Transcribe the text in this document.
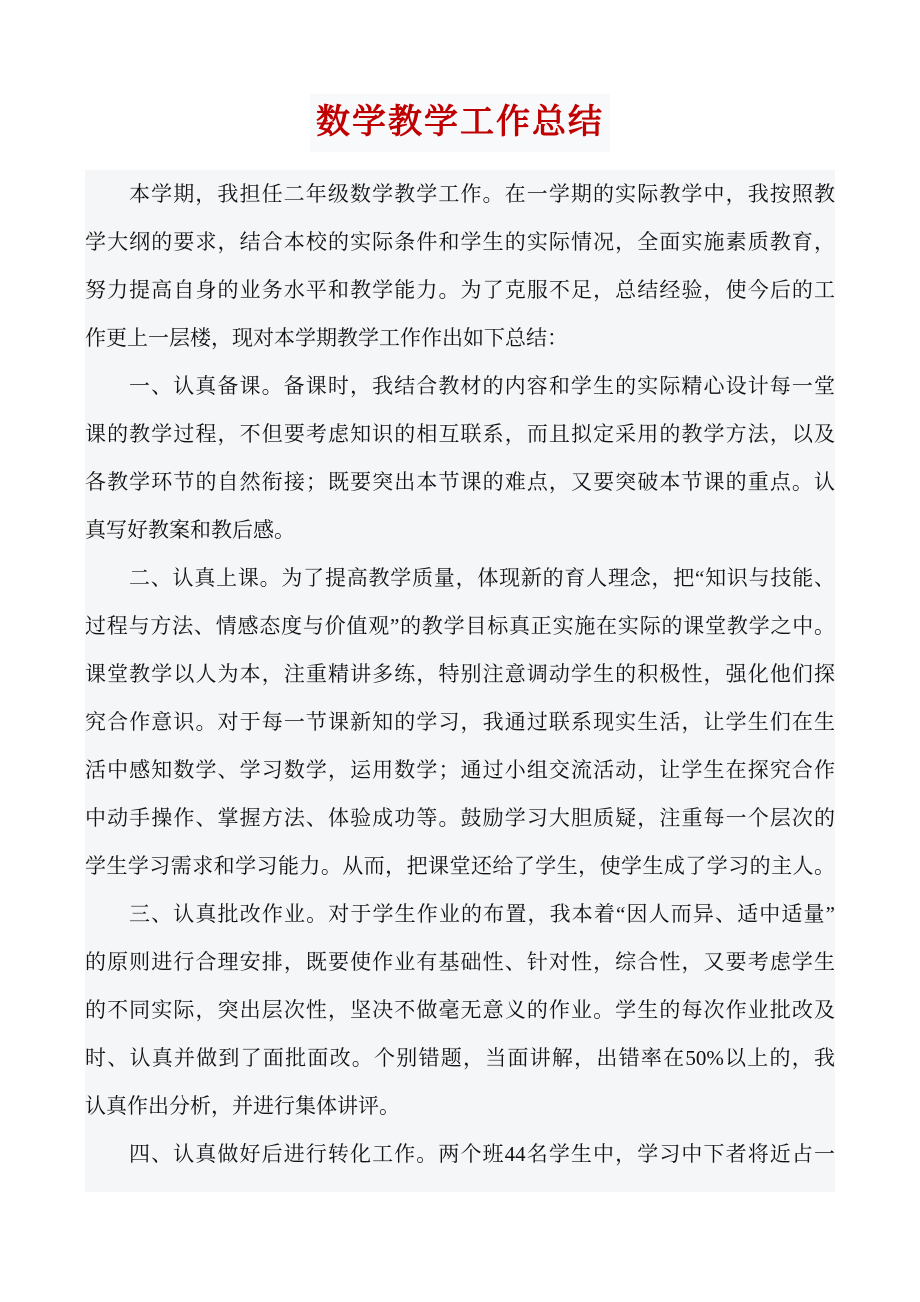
数学教学工作总结
本学期，我担任二年级数学教学工作。在一学期的实际教学中，我按照教
学大纲的要求，结合本校的实际条件和学生的实际情况，全面实施素质教育，
努力提高自身的业务水平和教学能力。为了克服不足，总结经验，使今后的工
作更上一层楼，现对本学期教学工作作出如下总结：
一、认真备课。备课时，我结合教材的内容和学生的实际精心设计每一堂
课的教学过程，不但要考虑知识的相互联系，而且拟定采用的教学方法，以及
各教学环节的自然衔接；既要突出本节课的难点，又要突破本节课的重点。认
真写好教案和教后感。
二、认真上课。为了提高教学质量，体现新的育人理念，把“知识与技能、
过程与方法、情感态度与价值观”的教学目标真正实施在实际的课堂教学之中。
课堂教学以人为本，注重精讲多练，特别注意调动学生的积极性，强化他们探
究合作意识。对于每一节课新知的学习，我通过联系现实生活，让学生们在生
活中感知数学、学习数学，运用数学；通过小组交流活动，让学生在探究合作
中动手操作、掌握方法、体验成功等。鼓励学习大胆质疑，注重每一个层次的
学生学习需求和学习能力。从而，把课堂还给了学生，使学生成了学习的主人。
三、认真批改作业。对于学生作业的布置，我本着“因人而异、适中适量”
的原则进行合理安排，既要使作业有基础性、针对性，综合性，又要考虑学生
的不同实际，突出层次性，坚决不做毫无意义的作业。学生的每次作业批改及
时、认真并做到了面批面改。个别错题，当面讲解，出错率在50%以上的，我
认真作出分析，并进行集体讲评。
四、认真做好后进行转化工作。两个班44名学生中，学习中下者将近占一
